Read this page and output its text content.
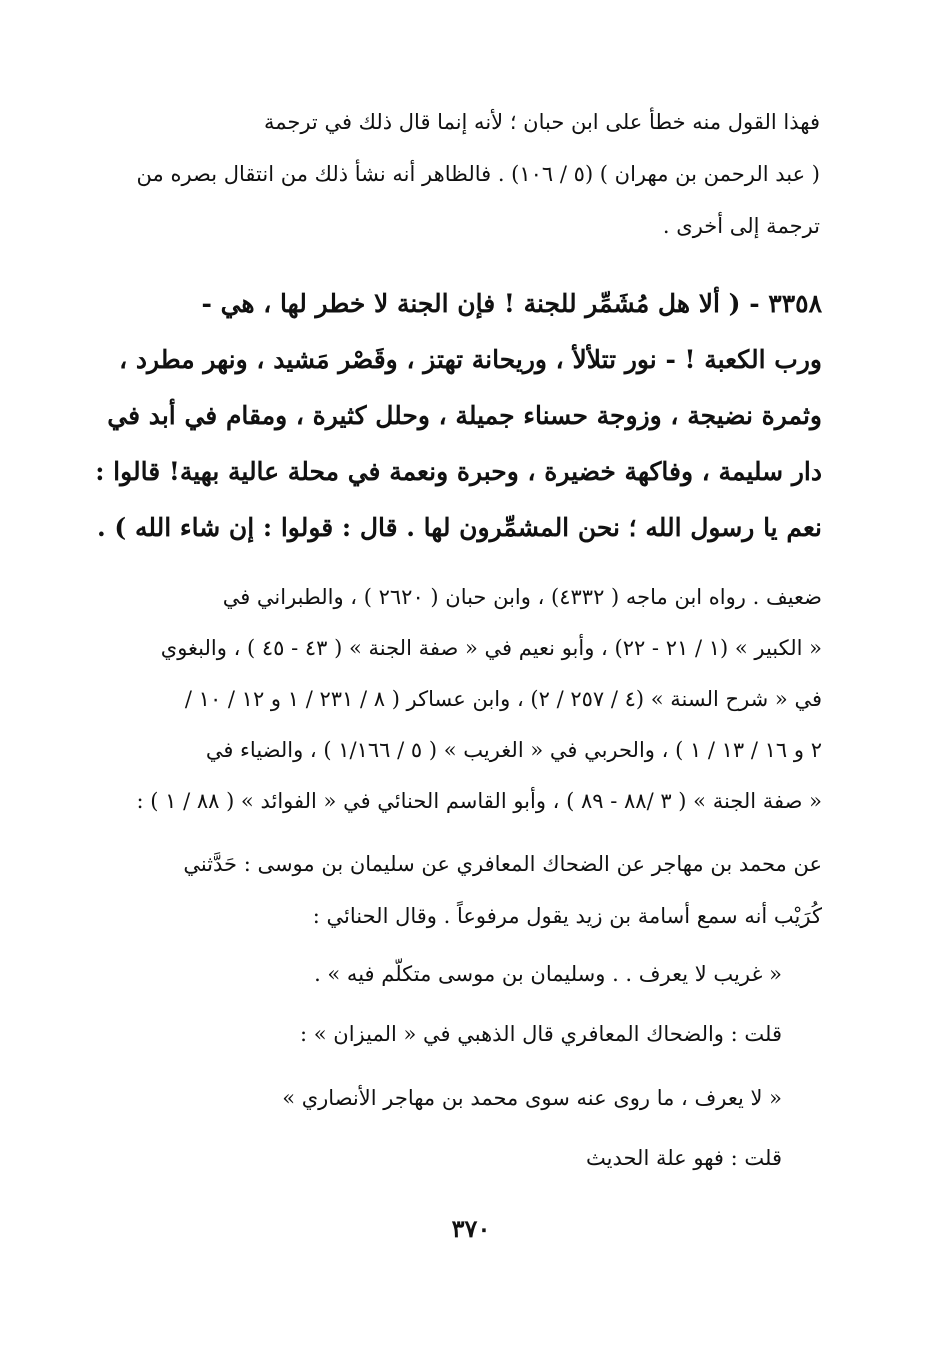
فهذا القول منه خطأ على ابن حبان ؛ لأنه إنما قال ذلك في ترجمة
( عبد الرحمن بن مهران ) (٥ / ١٠٦) . فالظاهر أنه نشأ ذلك من انتقال بصره من
ترجمة إلى أخرى .
٣٣٥٨ - ( ألا هل مُشَمِّر للجنة ! فإن الجنة لا خطر لها ، هي -
ورب الكعبة ! - نور تتلألأ ، وريحانة تهتز ، وقَصْر مَشيد ، ونهر مطرد ،
وثمرة نضيجة ، وزوجة حسناء جميلة ، وحلل كثيرة ، ومقام في أبد في
دار سليمة ، وفاكهة خضيرة ، وحبرة ونعمة في محلة عالية بهية! قالوا :
نعم يا رسول الله ؛ نحن المشمِّرون لها . قال : قولوا : إن شاء الله ) .
ضعيف . رواه ابن ماجه ( ٤٣٣٢) ، وابن حبان ( ٢٦٢٠ ) ، والطبراني في
« الكبير » (١ / ٢١ - ٢٢) ، وأبو نعيم في « صفة الجنة » ( ٤٣ - ٤٥ ) ، والبغوي
في « شرح السنة » (٤ / ٢٥٧ / ٢) ، وابن عساكر ( ٨ / ٢٣١ / ١ و ١٢ / ١٠ /
٢ و ١٦ / ١٣ / ١ ) ، والحربي في « الغريب » ( ٥ / ١/١٦٦ ) ، والضياء في
« صفة الجنة » ( ٣ /٨٨ - ٨٩ ) ، وأبو القاسم الحنائي في « الفوائد » ( ٨٨ / ١ ) :
عن محمد بن مهاجر عن الضحاك المعافري عن سليمان بن موسى : حَدَّثني
كُرَيْب أنه سمع أسامة بن زيد يقول مرفوعاً . وقال الحنائي :
« غريب لا يعرف . . وسليمان بن موسى متكلّم فيه » .
قلت : والضحاك المعافري قال الذهبي في « الميزان » :
« لا يعرف ، ما روى عنه سوى محمد بن مهاجر الأنصاري »
قلت : فهو علة الحديث
٣٧٠
